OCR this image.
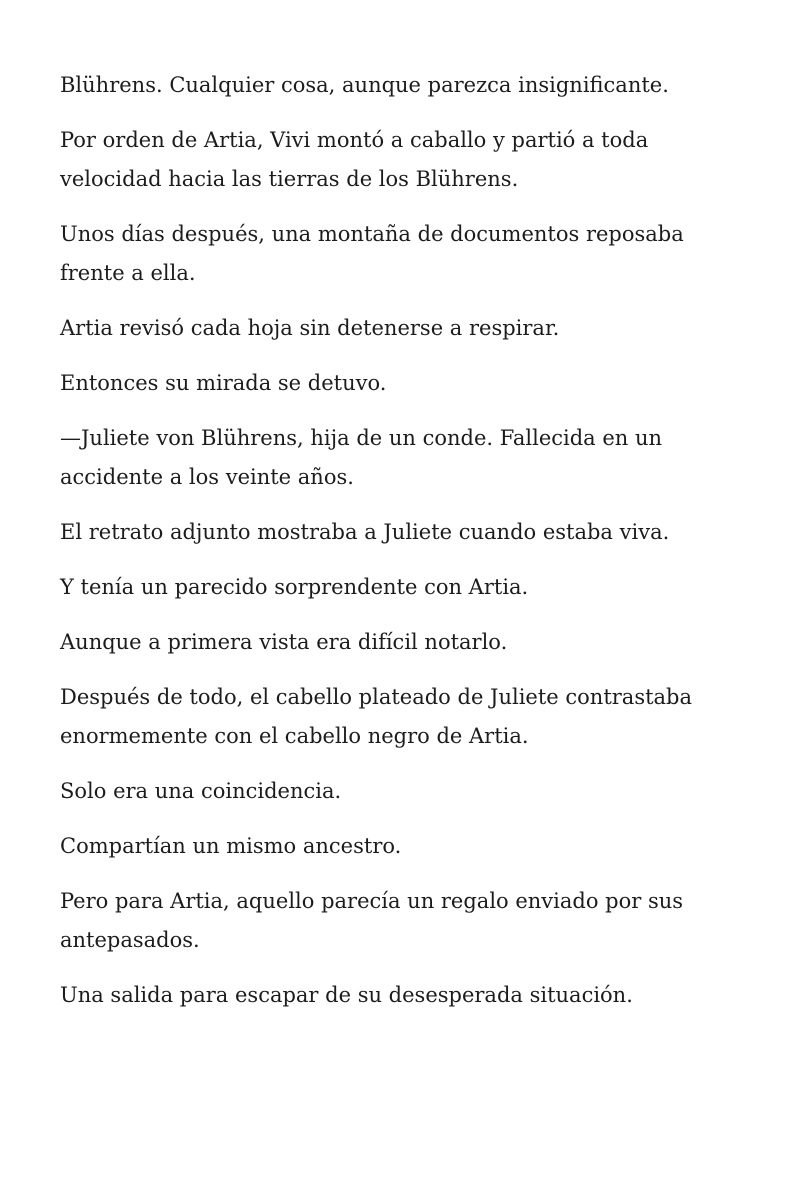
Blührens. Cualquier cosa, aunque parezca insignificante.

Por orden de Artia, Vivi montó a caballo y partió a toda velocidad hacia las tierras de los Blührens.

Unos días después, una montaña de documentos reposaba frente a ella.

Artia revisó cada hoja sin detenerse a respirar.

Entonces su mirada se detuvo.

—Juliete von Blührens, hija de un conde. Fallecida en un accidente a los veinte años.

El retrato adjunto mostraba a Juliete cuando estaba viva.

Y tenía un parecido sorprendente con Artia.

Aunque a primera vista era difícil notarlo.

Después de todo, el cabello plateado de Juliete contrastaba enormemente con el cabello negro de Artia.

Solo era una coincidencia.

Compartían un mismo ancestro.

Pero para Artia, aquello parecía un regalo enviado por sus antepasados.

Una salida para escapar de su desesperada situación.
